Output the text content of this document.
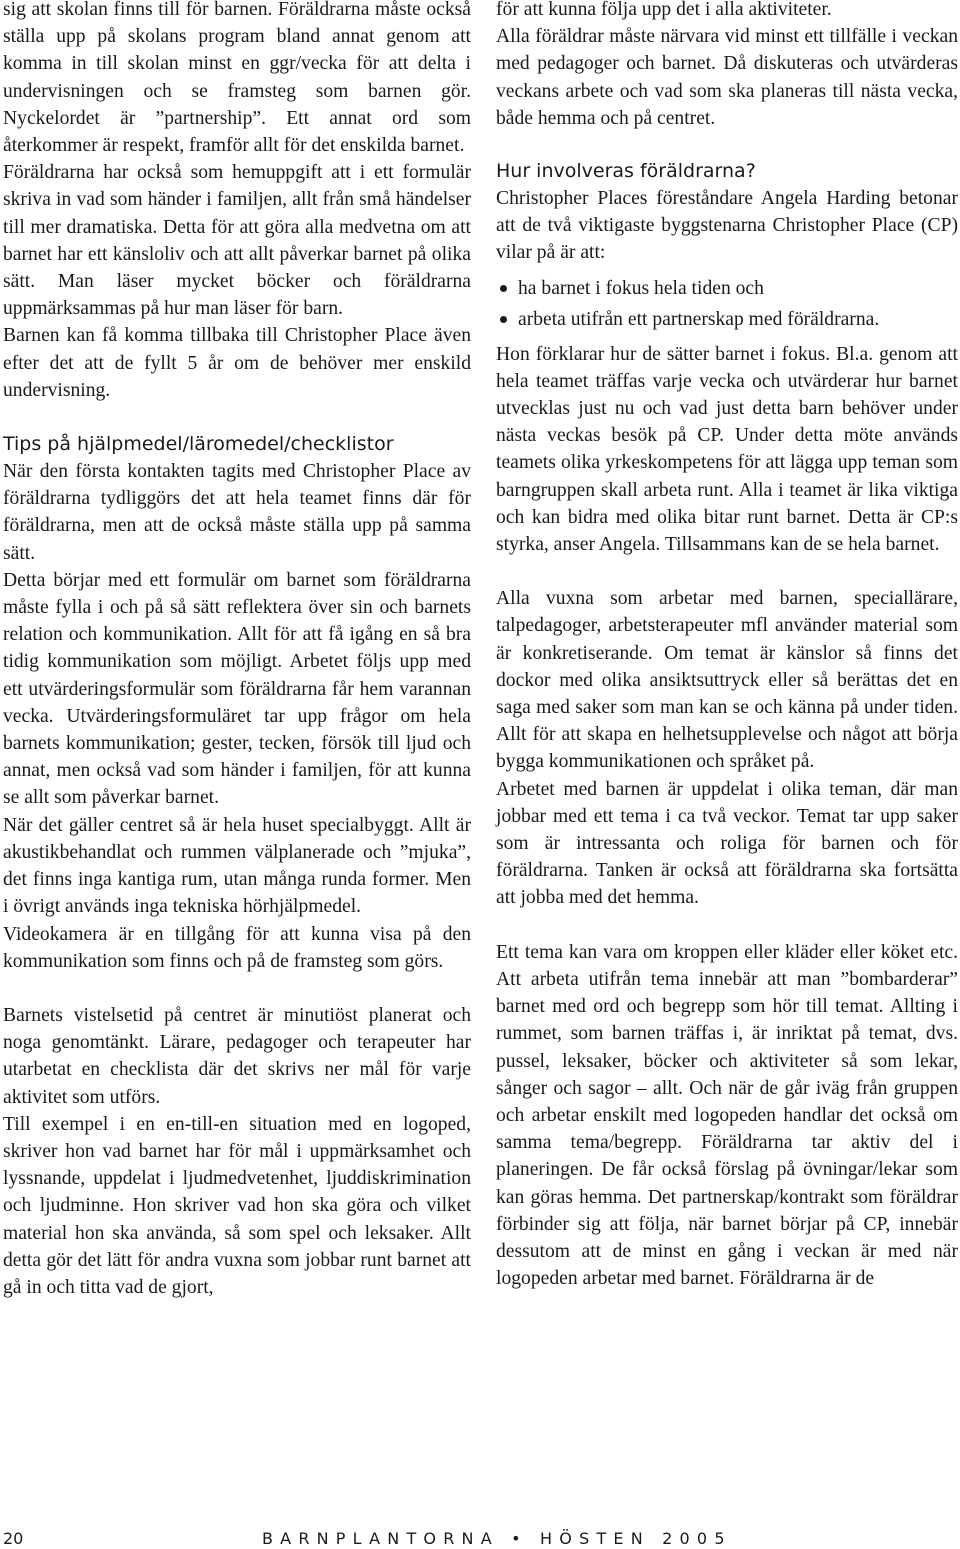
sig att skolan finns till för barnen. Föräldrarna måste också ställa upp på skolans program bland annat genom att komma in till skolan minst en ggr/vecka för att delta i undervisningen och se framsteg som barnen gör. Nyckelordet är ”partnership”. Ett annat ord som återkommer är respekt, framför allt för det enskilda barnet.

Föräldrarna har också som hemuppgift att i ett formulär skriva in vad som händer i familjen, allt från små händelser till mer dramatiska. Detta för att göra alla medvetna om att barnet har ett känsloliv och att allt påverkar barnet på olika sätt. Man läser mycket böcker och föräldrarna uppmärksammas på hur man läser för barn.

Barnen kan få komma tillbaka till Christopher Place även efter det att de fyllt 5 år om de behöver mer enskild undervisning.

Tips på hjälpmedel/läromedel/checklistor

När den första kontakten tagits med Christopher Place av föräldrarna tydliggörs det att hela teamet finns där för föräldrarna, men att de också måste ställa upp på samma sätt.

Detta börjar med ett formulär om barnet som föräldrarna måste fylla i och på så sätt reflektera över sin och barnets relation och kommunikation. Allt för att få igång en så bra tidig kommunikation som möjligt. Arbetet följs upp med ett utvärderingsformulär som föräldrarna får hem varannan vecka. Utvärderingsformuläret tar upp frågor om hela barnets kommunikation; gester, tecken, försök till ljud och annat, men också vad som händer i familjen, för att kunna se allt som påverkar barnet.

När det gäller centret så är hela huset specialbyggt. Allt är akustikbehandlat och rummen välplanerade och ”mjuka”, det finns inga kantiga rum, utan många runda former. Men i övrigt används inga tekniska hörhjälpmedel.

Videokamera är en tillgång för att kunna visa på den kommunikation som finns och på de framsteg som görs.

Barnets vistelsetid på centret är minutiöst planerat och noga genomtänkt. Lärare, pedagoger och terapeuter har utarbetat en checklista där det skrivs ner mål för varje aktivitet som utförs.

Till exempel i en en-till-en situation med en logoped, skriver hon vad barnet har för mål i uppmärksamhet och lyssnande, uppdelat i ljudmedvetenhet, ljuddiskrimination och ljudminne. Hon skriver vad hon ska göra och vilket material hon ska använda, så som spel och leksaker. Allt detta gör det lätt för andra vuxna som jobbar runt barnet att gå in och titta vad de gjort,

för att kunna följa upp det i alla aktiviteter.

Alla föräldrar måste närvara vid minst ett tillfälle i veckan med pedagoger och barnet. Då diskuteras och utvärderas veckans arbete och vad som ska planeras till nästa vecka, både hemma och på centret.

Hur involveras föräldrarna?

Christopher Places föreståndare Angela Harding betonar att de två viktigaste byggstenarna Christopher Place (CP) vilar på är att:

ha barnet i fokus hela tiden och
arbeta utifrån ett partnerskap med föräldrarna.

Hon förklarar hur de sätter barnet i fokus. Bl.a. genom att hela teamet träffas varje vecka och utvärderar hur barnet utvecklas just nu och vad just detta barn behöver under nästa veckas besök på CP. Under detta möte används teamets olika yrkeskompetens för att lägga upp teman som barngruppen skall arbeta runt. Alla i teamet är lika viktiga och kan bidra med olika bitar runt barnet. Detta är CP:s styrka, anser Angela. Tillsammans kan de se hela barnet.

Alla vuxna som arbetar med barnen, speciallärare, talpedagoger, arbetsterapeuter mfl använder material som är konkretiserande. Om temat är känslor så finns det dockor med olika ansiktsuttryck eller så berättas det en saga med saker som man kan se och känna på under tiden. Allt för att skapa en helhetsupplevelse och något att börja bygga kommunikationen och språket på.

Arbetet med barnen är uppdelat i olika teman, där man jobbar med ett tema i ca två veckor. Temat tar upp saker som är intressanta och roliga för barnen och för föräldrarna. Tanken är också att föräldrarna ska fortsätta att jobba med det hemma.

Ett tema kan vara om kroppen eller kläder eller köket etc. Att arbeta utifrån tema innebär att man ”bombarderar” barnet med ord och begrepp som hör till temat. Allting i rummet, som barnen träffas i, är inriktat på temat, dvs. pussel, leksaker, böcker och aktiviteter så som lekar, sånger och sagor – allt. Och när de går iväg från gruppen och arbetar enskilt med logopeden handlar det också om samma tema/begrepp. Föräldrarna tar aktiv del i planeringen. De får också förslag på övningar/lekar som kan göras hemma. Det partnerskap/kontrakt som föräldrar förbinder sig att följa, när barnet börjar på CP, innebär dessutom att de minst en gång i veckan är med när logopeden arbetar med barnet. Föräldrarna är de

20	BARNPLANTORNA • HÖSTEN 2005
